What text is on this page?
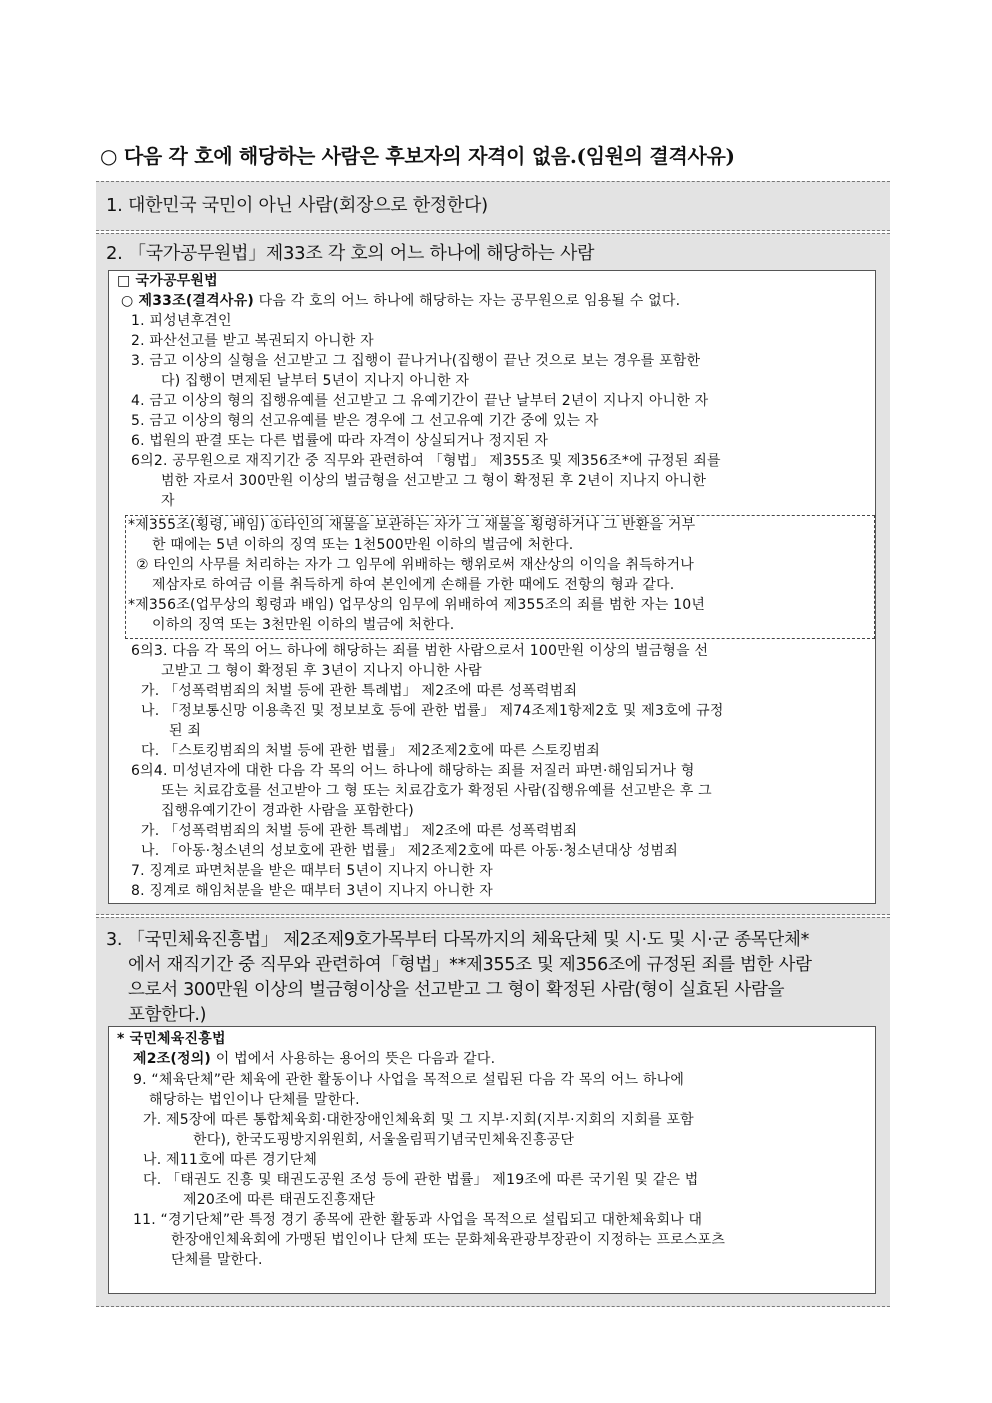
○ 다음 각 호에 해당하는 사람은 후보자의 자격이 없음.(임원의 결격사유)
1. 대한민국 국민이 아닌 사람(회장으로 한정한다)
2. 「국가공무원법」제33조 각 호의 어느 하나에 해당하는 사람
□ 국가공무원법
○ 제33조(결격사유) 다음 각 호의 어느 하나에 해당하는 자는 공무원으로 임용될 수 없다.
1. 피성년후견인
2. 파산선고를 받고 복권되지 아니한 자
3. 금고 이상의 실형을 선고받고 그 집행이 끝나거나(집행이 끝난 것으로 보는 경우를 포함한
다) 집행이 면제된 날부터 5년이 지나지 아니한 자
4. 금고 이상의 형의 집행유예를 선고받고 그 유예기간이 끝난 날부터 2년이 지나지 아니한 자
5. 금고 이상의 형의 선고유예를 받은 경우에 그 선고유예 기간 중에 있는 자
6. 법원의 판결 또는 다른 법률에 따라 자격이 상실되거나 정지된 자
6의2. 공무원으로 재직기간 중 직무와 관련하여 「형법」 제355조 및 제356조*에 규정된 죄를
범한 자로서 300만원 이상의 벌금형을 선고받고 그 형이 확정된 후 2년이 지나지 아니한
자
*제355조(횡령, 배임) ①타인의 재물을 보관하는 자가 그 재물을 횡령하거나 그 반환을 거부
한 때에는 5년 이하의 징역 또는 1천500만원 이하의 벌금에 처한다.
② 타인의 사무를 처리하는 자가 그 임무에 위배하는 행위로써 재산상의 이익을 취득하거나
제삼자로 하여금 이를 취득하게 하여 본인에게 손해를 가한 때에도 전항의 형과 같다.
*제356조(업무상의 횡령과 배임) 업무상의 임무에 위배하여 제355조의 죄를 범한 자는 10년
이하의 징역 또는 3천만원 이하의 벌금에 처한다.
6의3. 다음 각 목의 어느 하나에 해당하는 죄를 범한 사람으로서 100만원 이상의 벌금형을 선
고받고 그 형이 확정된 후 3년이 지나지 아니한 사람
가. 「성폭력범죄의 처벌 등에 관한 특례법」 제2조에 따른 성폭력범죄
나. 「정보통신망 이용촉진 및 정보보호 등에 관한 법률」 제74조제1항제2호 및 제3호에 규정
된 죄
다. 「스토킹범죄의 처벌 등에 관한 법률」 제2조제2호에 따른 스토킹범죄
6의4. 미성년자에 대한 다음 각 목의 어느 하나에 해당하는 죄를 저질러 파면·해임되거나 형
또는 치료감호를 선고받아 그 형 또는 치료감호가 확정된 사람(집행유예를 선고받은 후 그
집행유예기간이 경과한 사람을 포함한다)
가. 「성폭력범죄의 처벌 등에 관한 특례법」 제2조에 따른 성폭력범죄
나. 「아동·청소년의 성보호에 관한 법률」 제2조제2호에 따른 아동·청소년대상 성범죄
7. 징계로 파면처분을 받은 때부터 5년이 지나지 아니한 자
8. 징계로 해임처분을 받은 때부터 3년이 지나지 아니한 자
3. 「국민체육진흥법」 제2조제9호가목부터 다목까지의 체육단체 및 시·도 및 시·군 종목단체*
에서 재직기간 중 직무와 관련하여「형법」**제355조 및 제356조에 규정된 죄를 범한 사람
으로서 300만원 이상의 벌금형이상을 선고받고 그 형이 확정된 사람(형이 실효된 사람을
포함한다.)
* 국민체육진흥법
제2조(정의) 이 법에서 사용하는 용어의 뜻은 다음과 같다.
9. “체육단체”란 체육에 관한 활동이나 사업을 목적으로 설립된 다음 각 목의 어느 하나에
해당하는 법인이나 단체를 말한다.
가. 제5장에 따른 통합체육회·대한장애인체육회 및 그 지부·지회(지부·지회의 지회를 포함
한다), 한국도핑방지위원회, 서울올림픽기념국민체육진흥공단
나. 제11호에 따른 경기단체
다. 「태권도 진흥 및 태권도공원 조성 등에 관한 법률」 제19조에 따른 국기원 및 같은 법
제20조에 따른 태권도진흥재단
11. “경기단체”란 특정 경기 종목에 관한 활동과 사업을 목적으로 설립되고 대한체육회나 대
한장애인체육회에 가맹된 법인이나 단체 또는 문화체육관광부장관이 지정하는 프로스포츠
단체를 말한다.
